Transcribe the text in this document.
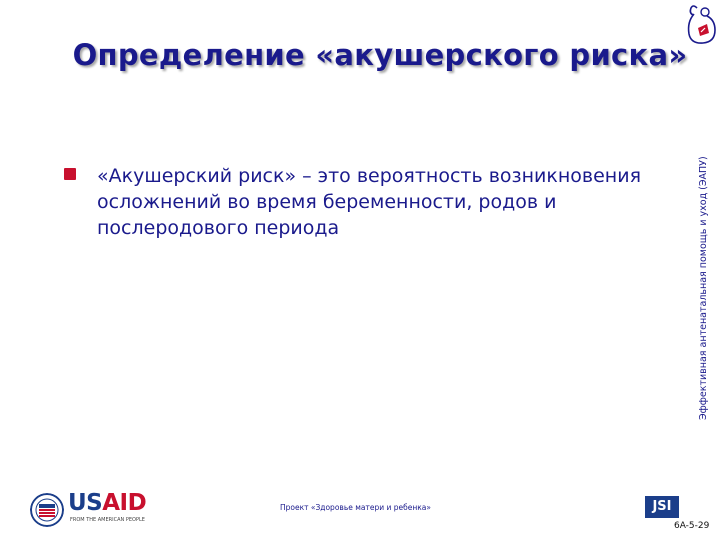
Определение «акушерского риска»
«Акушерский риск» – это вероятность возникновения осложнений во время беременности, родов и послеродового периода	Эффективная антенатальная помощь и уход (ЭАПУ)
USAID
FROM THE AMERICAN PEOPLE
Проект «Здоровье матери и ребенка»	JSI
6A-5-29
